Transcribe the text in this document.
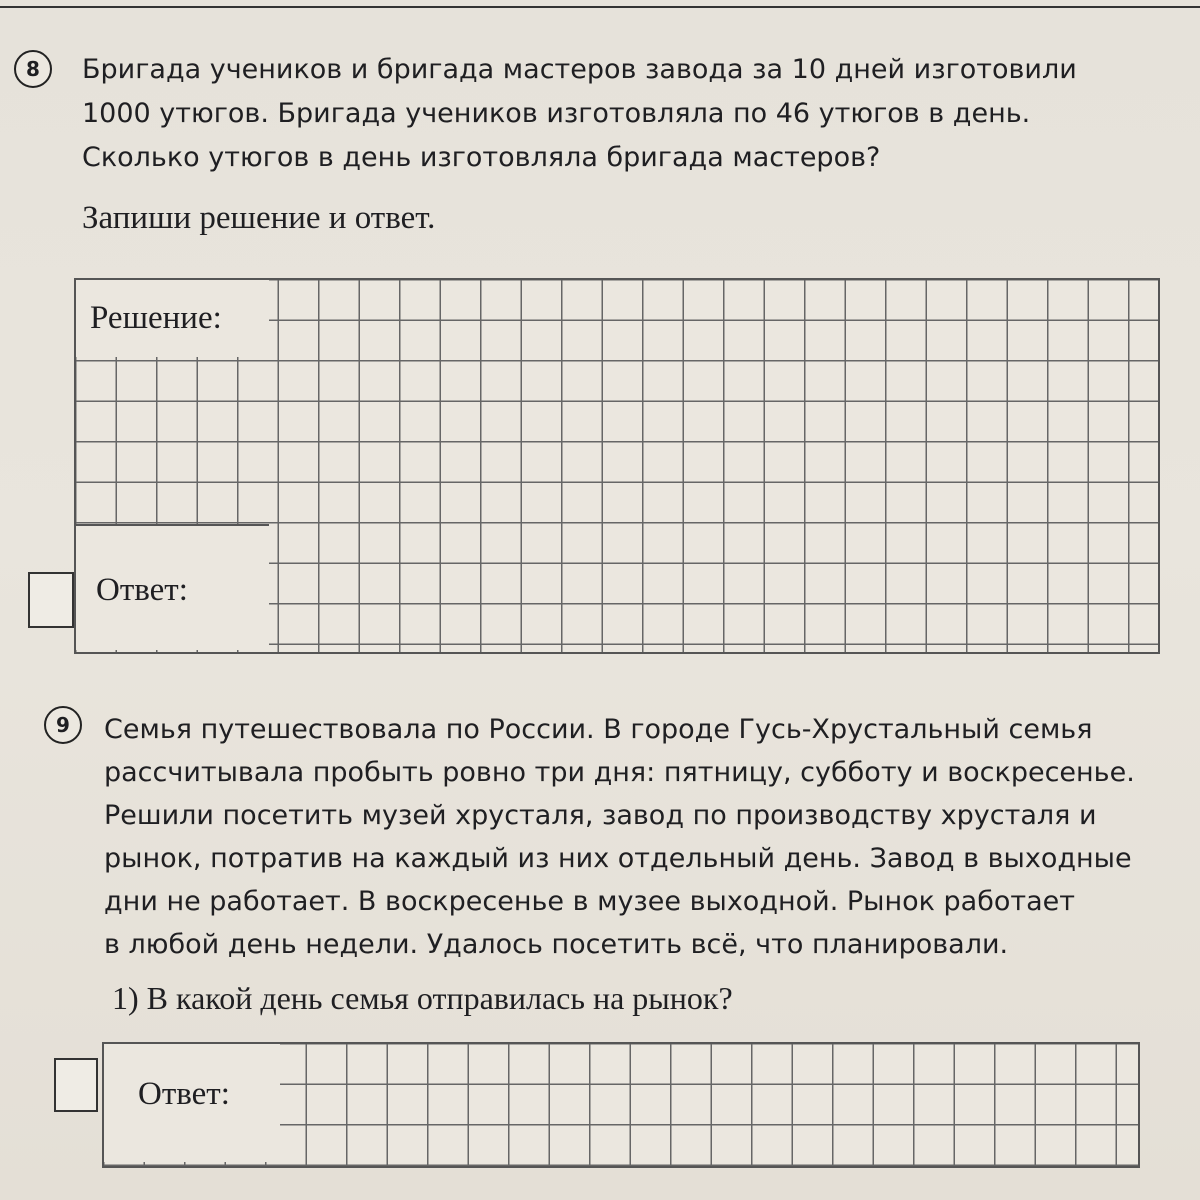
8	Бригада учеников и бригада мастеров завода за 10 дней изготовили
1000 утюгов. Бригада учеников изготовляла по 46 утюгов в день.
Сколько утюгов в день изготовляла бригада мастеров?
Запиши решение и ответ.
Решение:
Ответ:
9	Семья путешествовала по России. В городе Гусь-Хрустальный семья
рассчитывала пробыть ровно три дня: пятницу, субботу и воскресенье.
Решили посетить музей хрусталя, завод по производству хрусталя и
рынок, потратив на каждый из них отдельный день. Завод в выходные
дни не работает. В воскресенье в музее выходной. Рынок работает
в любой день недели. Удалось посетить всё, что планировали.
1) В какой день семья отправилась на рынок?
Ответ:
